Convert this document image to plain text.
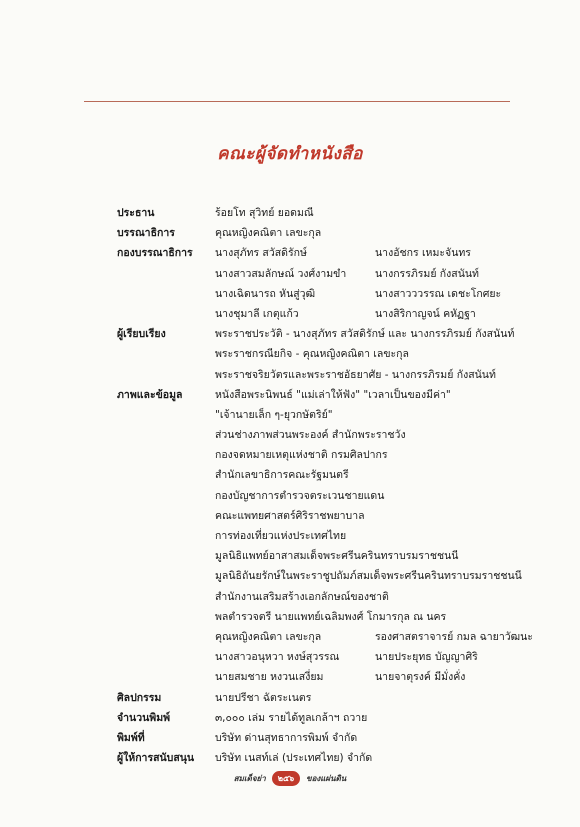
คณะผู้จัดทำหนังสือ
ประธาน	ร้อยโท สุวิทย์ ยอดมณี
บรรณาธิการ	คุณหญิงคณิตา เลขะกุล
กองบรรณาธิการ	นางสุภัทร สวัสดิรักษ์	นางอัชกร เหมะจันทร
นางสาวสมลักษณ์ วงศ์งามขำ	นางกรรภิรมย์ กังสนันท์
นางเฉิดนารถ หันสู่วุฒิ	นางสาวววรรณ เดชะโกศยะ
นางชุมาลี เกตุแก้ว	นางสิริกาญจน์ คหัฏฐา
ผู้เรียบเรียง	พระราชประวัติ - นางสุภัทร สวัสดิรักษ์ และ นางกรรภิรมย์ กังสนันท์
พระราชกรณียกิจ - คุณหญิงคณิตา เลขะกุล
พระราชจริยวัตรและพระราชอัธยาศัย - นางกรรภิรมย์ กังสนันท์
ภาพและข้อมูล	หนังสือพระนิพนธ์ "แม่เล่าให้ฟัง" "เวลาเป็นของมีค่า"
"เจ้านายเล็ก ๆ-ยุวกษัตริย์"
ส่วนช่างภาพส่วนพระองค์ สำนักพระราชวัง
กองจดหมายเหตุแห่งชาติ กรมศิลปากร
สำนักเลขาธิการคณะรัฐมนตรี
กองบัญชาการตำรวจตระเวนชายแดน
คณะแพทยศาสตร์ศิริราชพยาบาล
การท่องเที่ยวแห่งประเทศไทย
มูลนิธิแพทย์อาสาสมเด็จพระศรีนครินทราบรมราชชนนี
มูลนิธิถันยรักษ์ในพระราชูปถัมภ์สมเด็จพระศรีนครินทราบรมราชชนนี
สำนักงานเสริมสร้างเอกลักษณ์ของชาติ
พลตำรวจตรี นายแพทย์เฉลิมพงศ์ โกมารกุล ณ นคร
คุณหญิงคณิตา เลขะกุล	รองศาสตราจารย์ กมล ฉายาวัฒนะ
นางสาวอนุหวา หงษ์สุวรรณ	นายประยุทธ บัญญาศิริ
นายสมชาย หงวนเสงี่ยม	นายจาตุรงค์ มีมั่งคั่ง
ศิลปกรรม	นายปรีชา ฉัตระเนตร
จำนวนพิมพ์	๓,๐๐๐ เล่ม รายได้ทูลเกล้าฯ ถวาย
พิมพ์ที่	บริษัท ด่านสุทธาการพิมพ์ จำกัด
ผู้ให้การสนับสนุน	บริษัท เนสท์เล่ (ประเทศไทย) จำกัด
สมเด็จย่า	๒๕๖	ของแผ่นดิน
